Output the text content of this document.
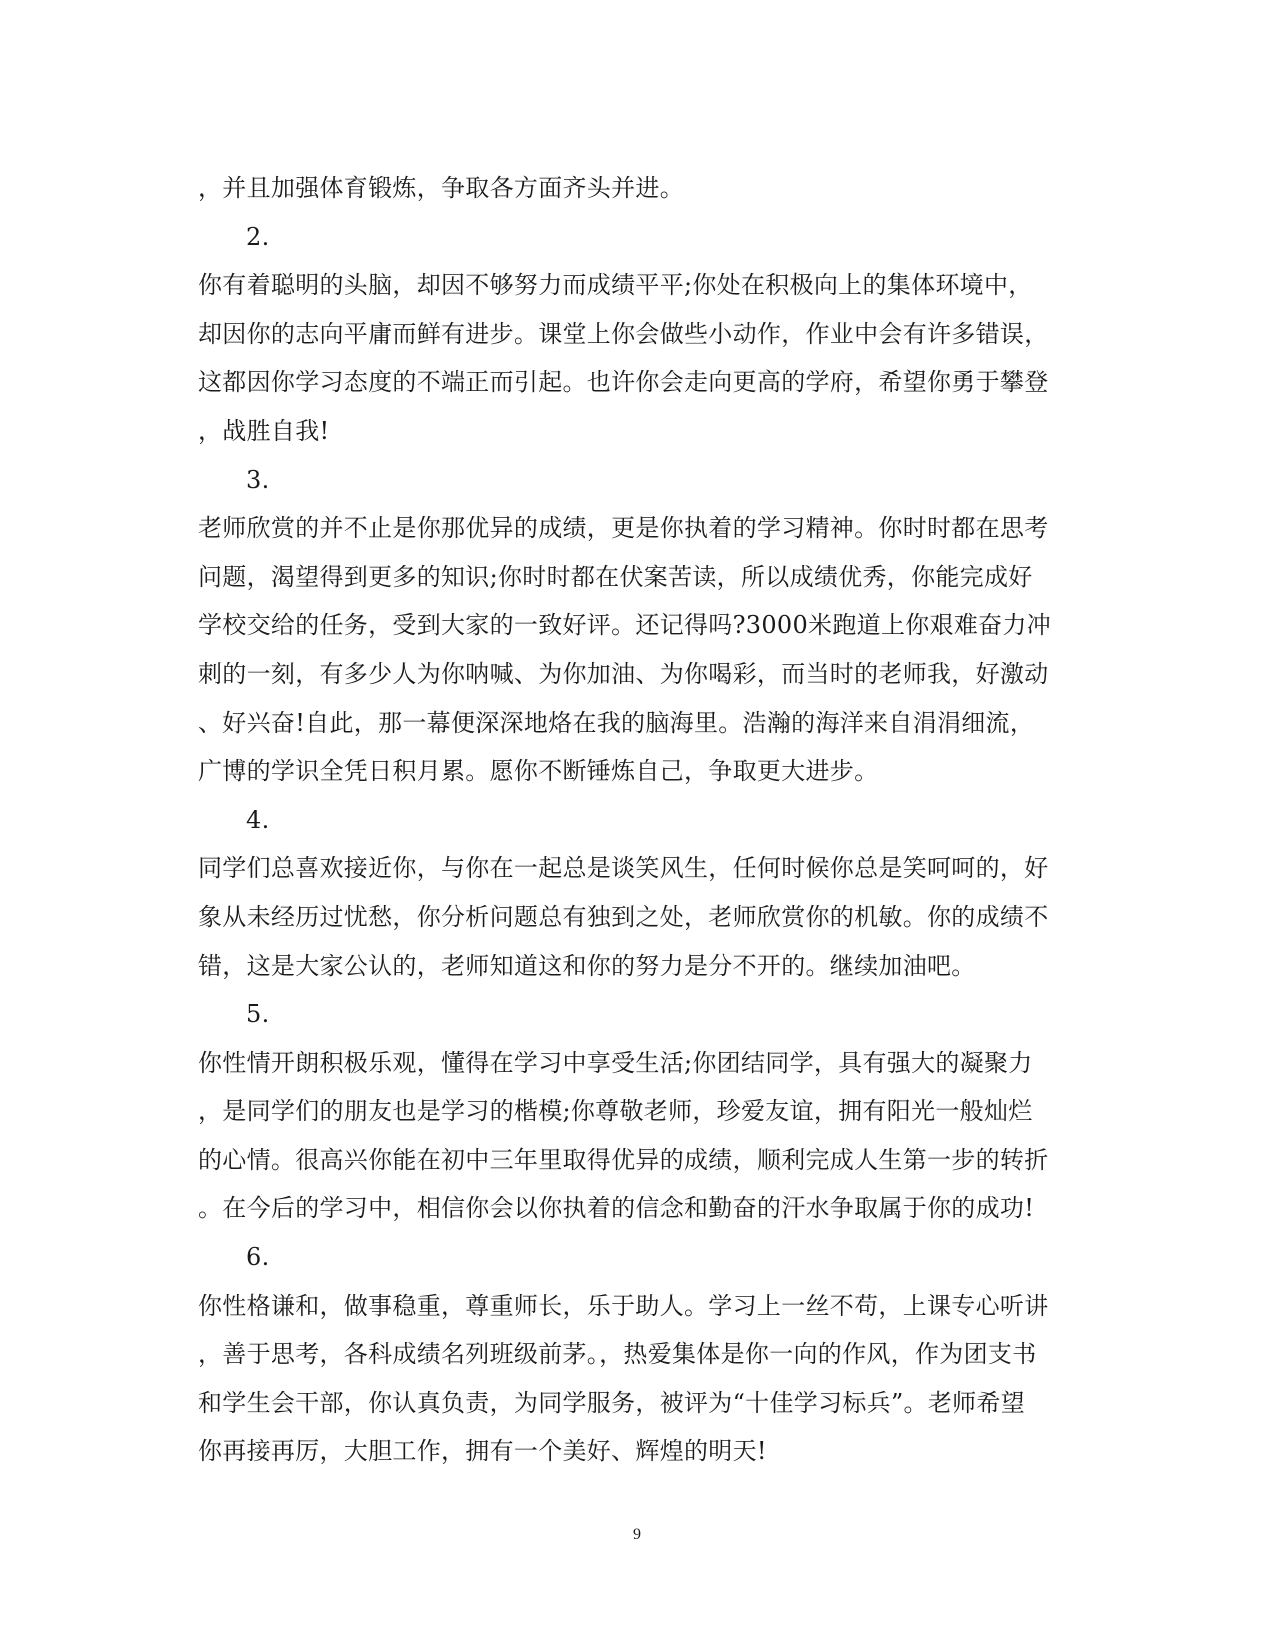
，并且加强体育锻炼，争取各方面齐头并进。
2.
你有着聪明的头脑，却因不够努力而成绩平平;你处在积极向上的集体环境中，
却因你的志向平庸而鲜有进步。课堂上你会做些小动作，作业中会有许多错误，
这都因你学习态度的不端正而引起。也许你会走向更高的学府，希望你勇于攀登
，战胜自我!
3.
老师欣赏的并不止是你那优异的成绩，更是你执着的学习精神。你时时都在思考
问题，渴望得到更多的知识;你时时都在伏案苦读，所以成绩优秀，你能完成好
学校交给的任务，受到大家的一致好评。还记得吗?3000米跑道上你艰难奋力冲
刺的一刻，有多少人为你呐喊、为你加油、为你喝彩，而当时的老师我，好激动
、好兴奋!自此，那一幕便深深地烙在我的脑海里。浩瀚的海洋来自涓涓细流，
广博的学识全凭日积月累。愿你不断锤炼自己，争取更大进步。
4.
同学们总喜欢接近你，与你在一起总是谈笑风生，任何时候你总是笑呵呵的，好
象从未经历过忧愁，你分析问题总有独到之处，老师欣赏你的机敏。你的成绩不
错，这是大家公认的，老师知道这和你的努力是分不开的。继续加油吧。
5.
你性情开朗积极乐观，懂得在学习中享受生活;你团结同学，具有强大的凝聚力
，是同学们的朋友也是学习的楷模;你尊敬老师，珍爱友谊，拥有阳光一般灿烂
的心情。很高兴你能在初中三年里取得优异的成绩，顺利完成人生第一步的转折
。在今后的学习中，相信你会以你执着的信念和勤奋的汗水争取属于你的成功!
6.
你性格谦和，做事稳重，尊重师长，乐于助人。学习上一丝不苟，上课专心听讲
，善于思考，各科成绩名列班级前茅。，热爱集体是你一向的作风，作为团支书
和学生会干部，你认真负责，为同学服务，被评为“十佳学习标兵”。老师希望
你再接再厉，大胆工作，拥有一个美好、辉煌的明天!
9
